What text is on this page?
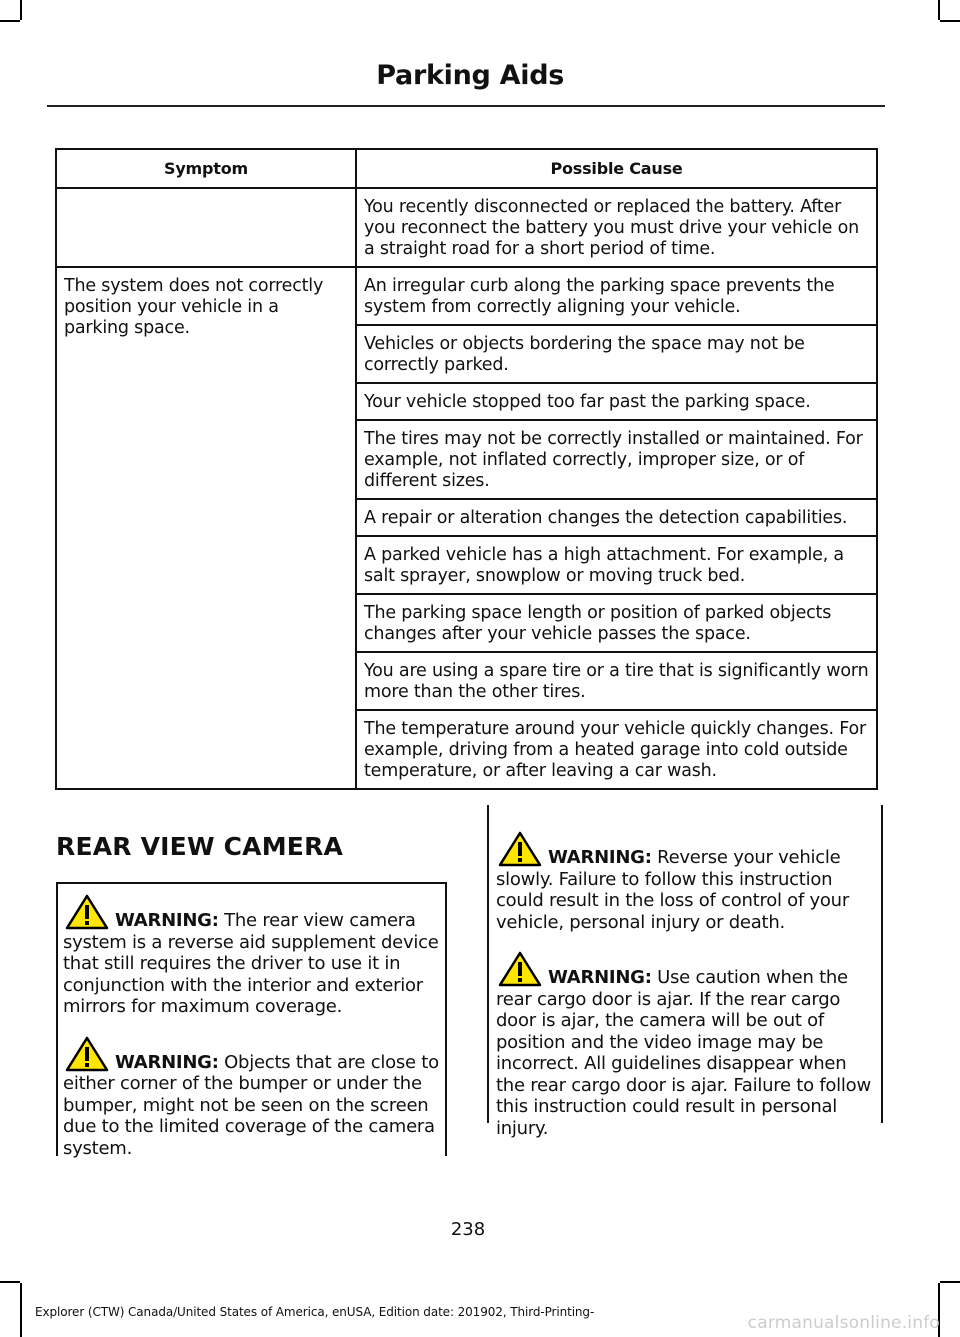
Parking Aids
Symptom	Possible Cause
	You recently disconnected or replaced the battery. After you reconnect the battery you must drive your vehicle on a straight road for a short period of time.
The system does not correctly position your vehicle in a parking space.	An irregular curb along the parking space prevents the system from correctly aligning your vehicle.
	Vehicles or objects bordering the space may not be correctly parked.
	Your vehicle stopped too far past the parking space.
	The tires may not be correctly installed or maintained. For example, not inflated correctly, improper size, or of different sizes.
	A repair or alteration changes the detection capabilities.
	A parked vehicle has a high attachment. For example, a salt sprayer, snowplow or moving truck bed.
	The parking space length or position of parked objects changes after your vehicle passes the space.
	You are using a spare tire or a tire that is significantly worn more than the other tires.
	The temperature around your vehicle quickly changes. For example, driving from a heated garage into cold outside temperature, or after leaving a car wash.
REAR VIEW CAMERA

WARNING: The rear view camera system is a reverse aid supplement device that still requires the driver to use it in conjunction with the interior and exterior mirrors for maximum coverage.

WARNING: Objects that are close to either corner of the bumper or under the bumper, might not be seen on the screen due to the limited coverage of the camera system.

WARNING: Reverse your vehicle slowly. Failure to follow this instruction could result in the loss of control of your vehicle, personal injury or death.

WARNING: Use caution when the rear cargo door is ajar. If the rear cargo door is ajar, the camera will be out of position and the video image may be incorrect. All guidelines disappear when the rear cargo door is ajar. Failure to follow this instruction could result in personal injury.

238
Explorer (CTW) Canada/United States of America, enUSA, Edition date: 201902, Third-Printing-
carmanualsonline.info
